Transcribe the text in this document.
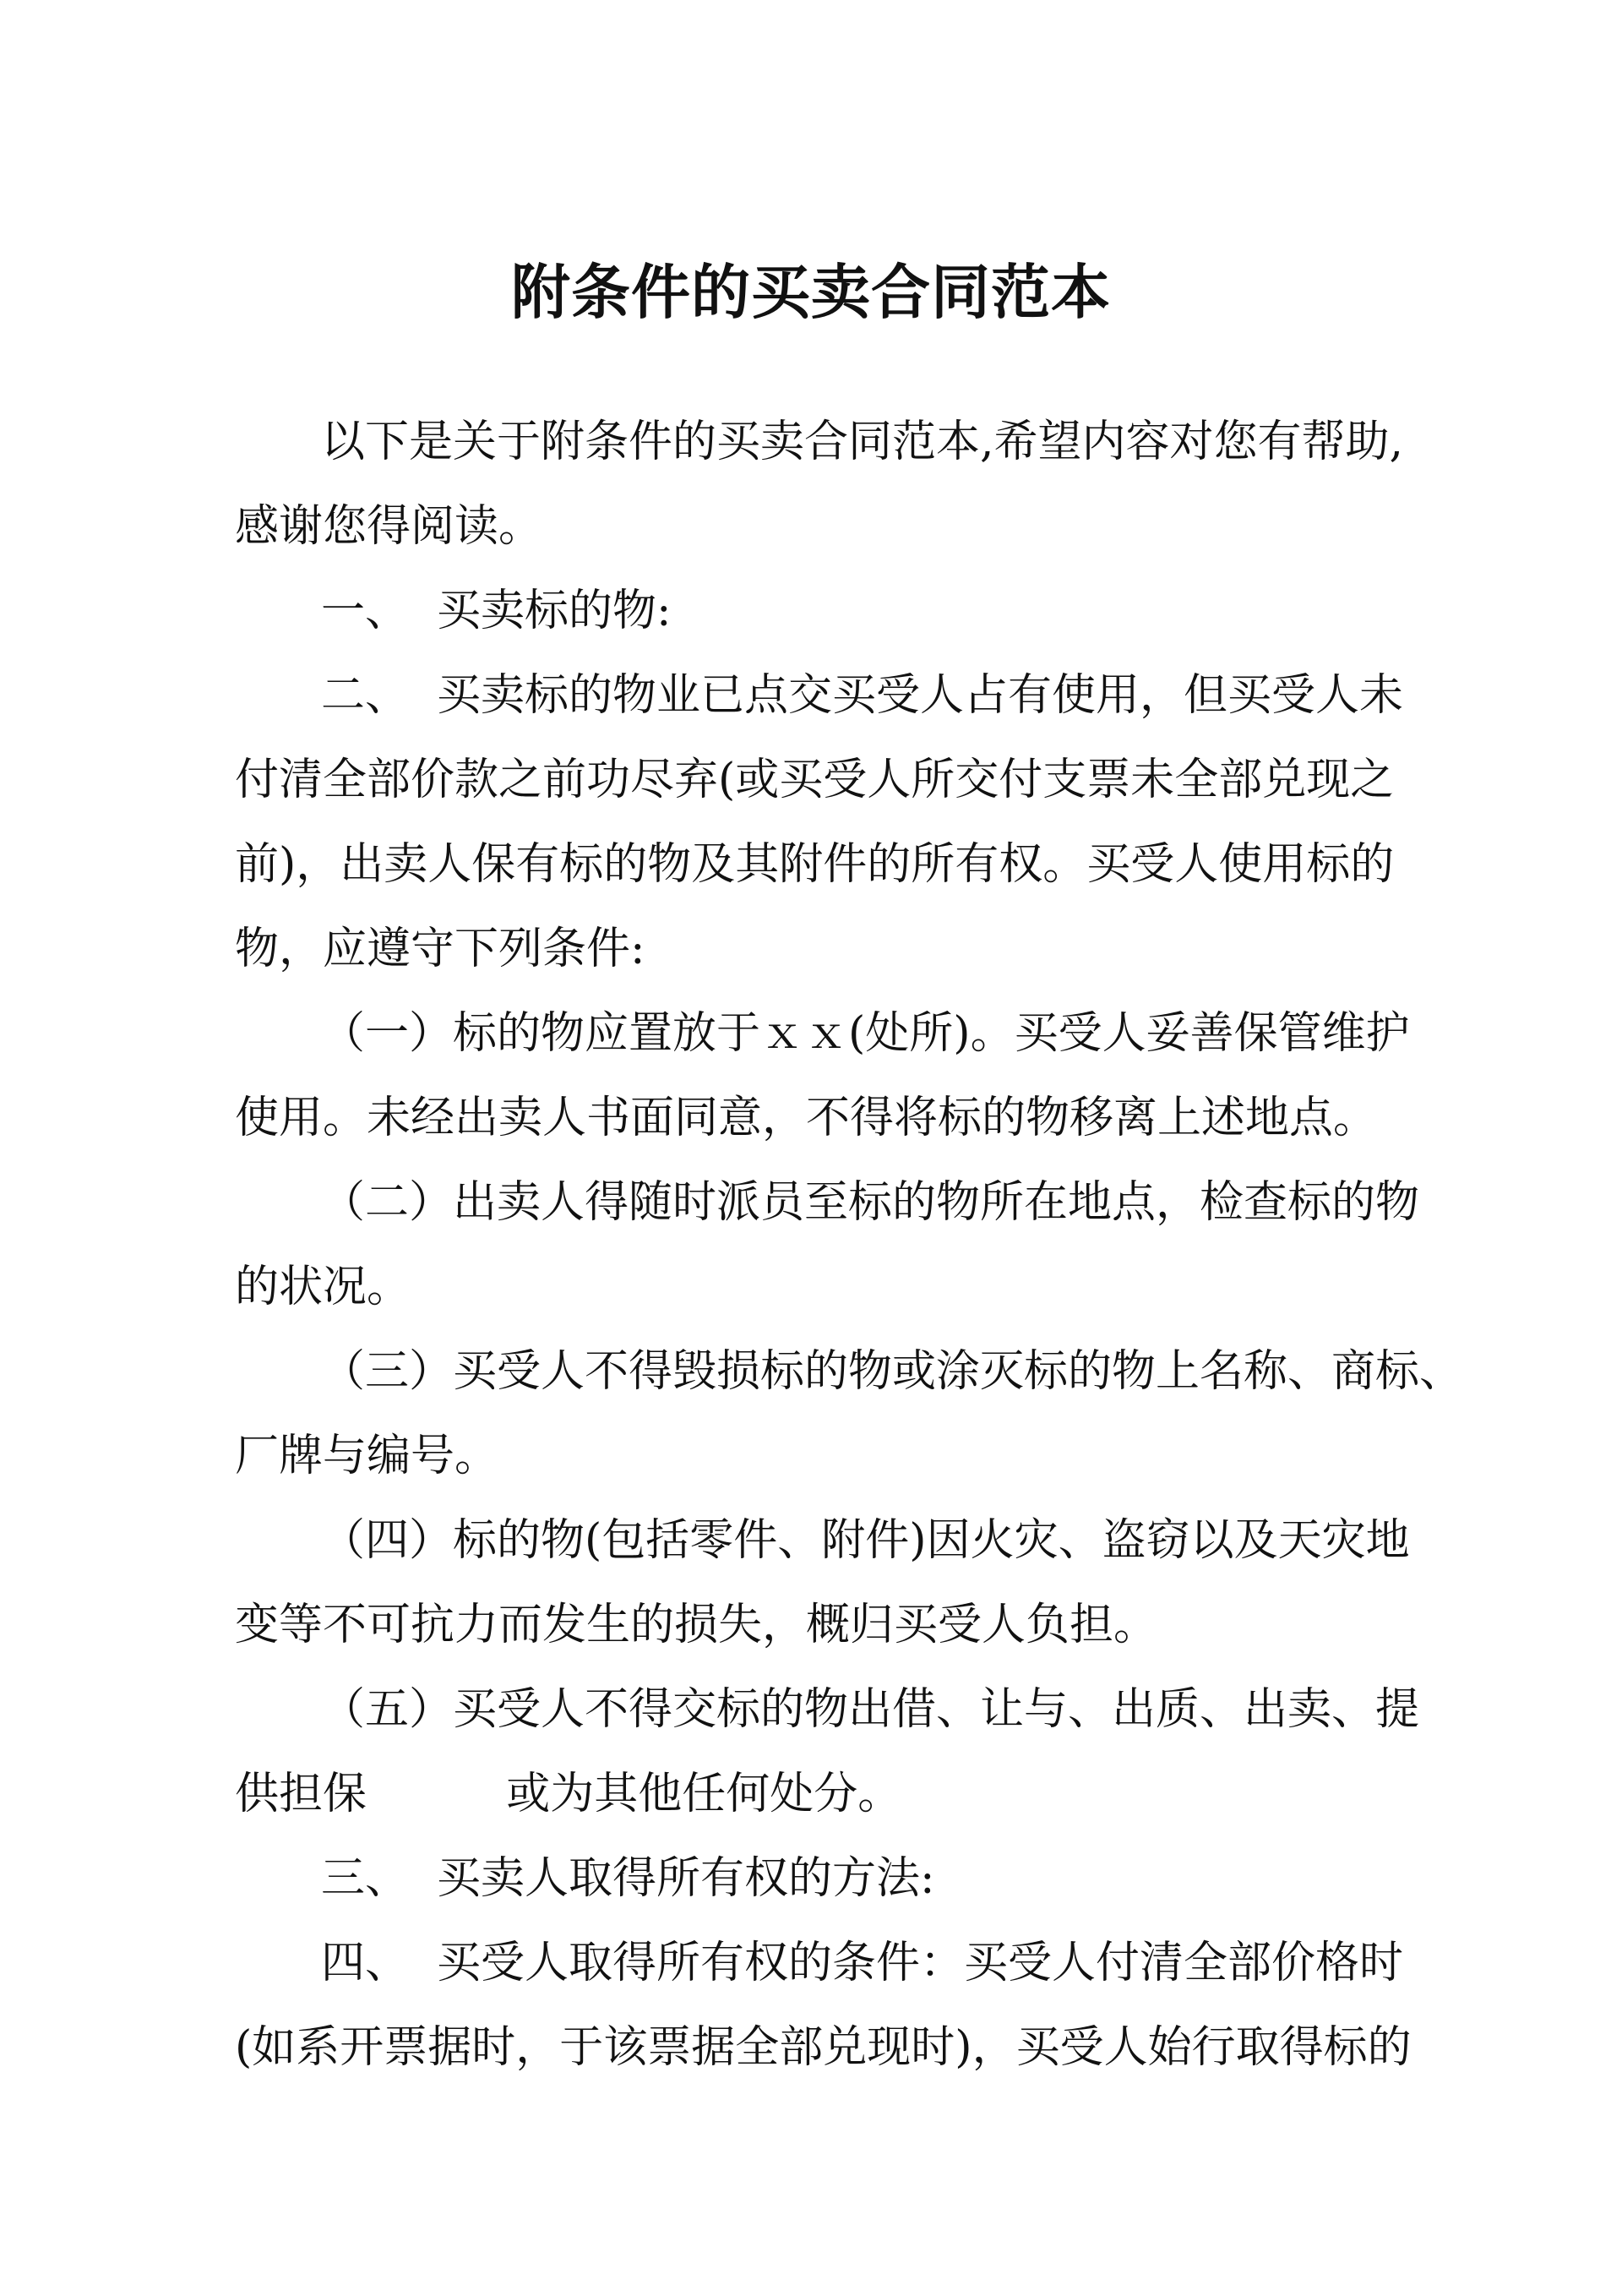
附条件的买卖合同范本
以下是关于附条件的买卖合同范本,希望内容对您有帮助,
感谢您得阅读。
一、  买卖标的物:
二、  买卖标的物业已点交买受人占有使用，但买受人未
付清全部价款之前功尽弃(或买受人所交付支票未全部兑现之
前)，出卖人保有标的物及其附件的所有权。买受人使用标的
物，应遵守下列条件:
（一）标的物应置放于ｘｘ(处所)。买受人妥善保管维护
使用。未经出卖人书面同意，不得将标的物移离上述地点。
（二）出卖人得随时派员至标的物所在地点，检查标的物
的状况。
（三）买受人不得毁损标的物或涂灭标的物上名称、商标、
厂牌与编号。
（四）标的物(包括零件、附件)因火灾、盗窃以及天灾地
变等不可抗力而发生的损失，概归买受人负担。
（五）买受人不得交标的物出借、让与、出质、出卖、提
供担保          或为其他任何处分。
三、  买卖人取得所有权的方法:
四、  买受人取得所有权的条件：买受人付清全部价格时
(如系开票据时，于该票据全部兑现时)，买受人始行取得标的
